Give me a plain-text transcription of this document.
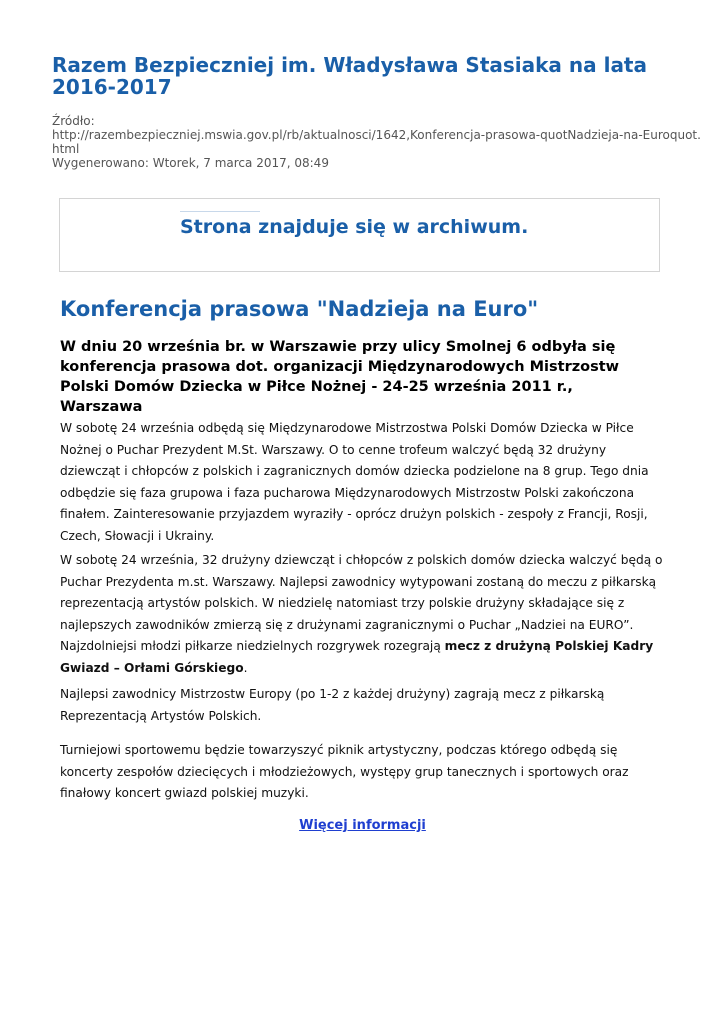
Razem Bezpieczniej im. Władysława Stasiaka na lata 2016-2017
Źródło:
http://razembezpieczniej.mswia.gov.pl/rb/aktualnosci/1642,Konferencja-prasowa-quotNadzieja-na-Euroquot.
html
Wygenerowano: Wtorek, 7 marca 2017, 08:49
Strona znajduje się w archiwum.
Konferencja prasowa "Nadzieja na Euro"

W dniu 20 września br. w Warszawie przy ulicy Smolnej 6 odbyła się konferencja prasowa dot. organizacji Międzynarodowych Mistrzostw Polski Domów Dziecka w Piłce Nożnej - 24-25 września 2011 r., Warszawa

W sobotę 24 września odbędą się Międzynarodowe Mistrzostwa Polski Domów Dziecka w Piłce Nożnej o Puchar Prezydent M.St. Warszawy. O to cenne trofeum walczyć będą 32 drużyny dziewcząt i chłopców z polskich i zagranicznych domów dziecka podzielone na 8 grup. Tego dnia odbędzie się faza grupowa i faza pucharowa Międzynarodowych Mistrzostw Polski zakończona finałem. Zainteresowanie przyjazdem wyraziły - oprócz drużyn polskich - zespoły z Francji, Rosji, Czech, Słowacji i Ukrainy.

W sobotę 24 września, 32 drużyny dziewcząt i chłopców z polskich domów dziecka walczyć będą o Puchar Prezydenta m.st. Warszawy. Najlepsi zawodnicy wytypowani zostaną do meczu z piłkarską reprezentacją artystów polskich. W niedzielę natomiast trzy polskie drużyny składające się z najlepszych zawodników zmierzą się z drużynami zagranicznymi o Puchar „Nadziei na EURO”. Najzdolniejsi młodzi piłkarze niedzielnych rozgrywek rozegrają mecz z drużyną Polskiej Kadry Gwiazd – Orłami Górskiego.

Najlepsi zawodnicy Mistrzostw Europy (po 1-2 z każdej drużyny) zagrają mecz z piłkarską Reprezentacją Artystów Polskich.

Turniejowi sportowemu będzie towarzyszyć piknik artystyczny, podczas którego odbędą się koncerty zespołów dziecięcych i młodzieżowych, występy grup tanecznych i sportowych oraz finałowy koncert gwiazd polskiej muzyki.

Więcej informacji
